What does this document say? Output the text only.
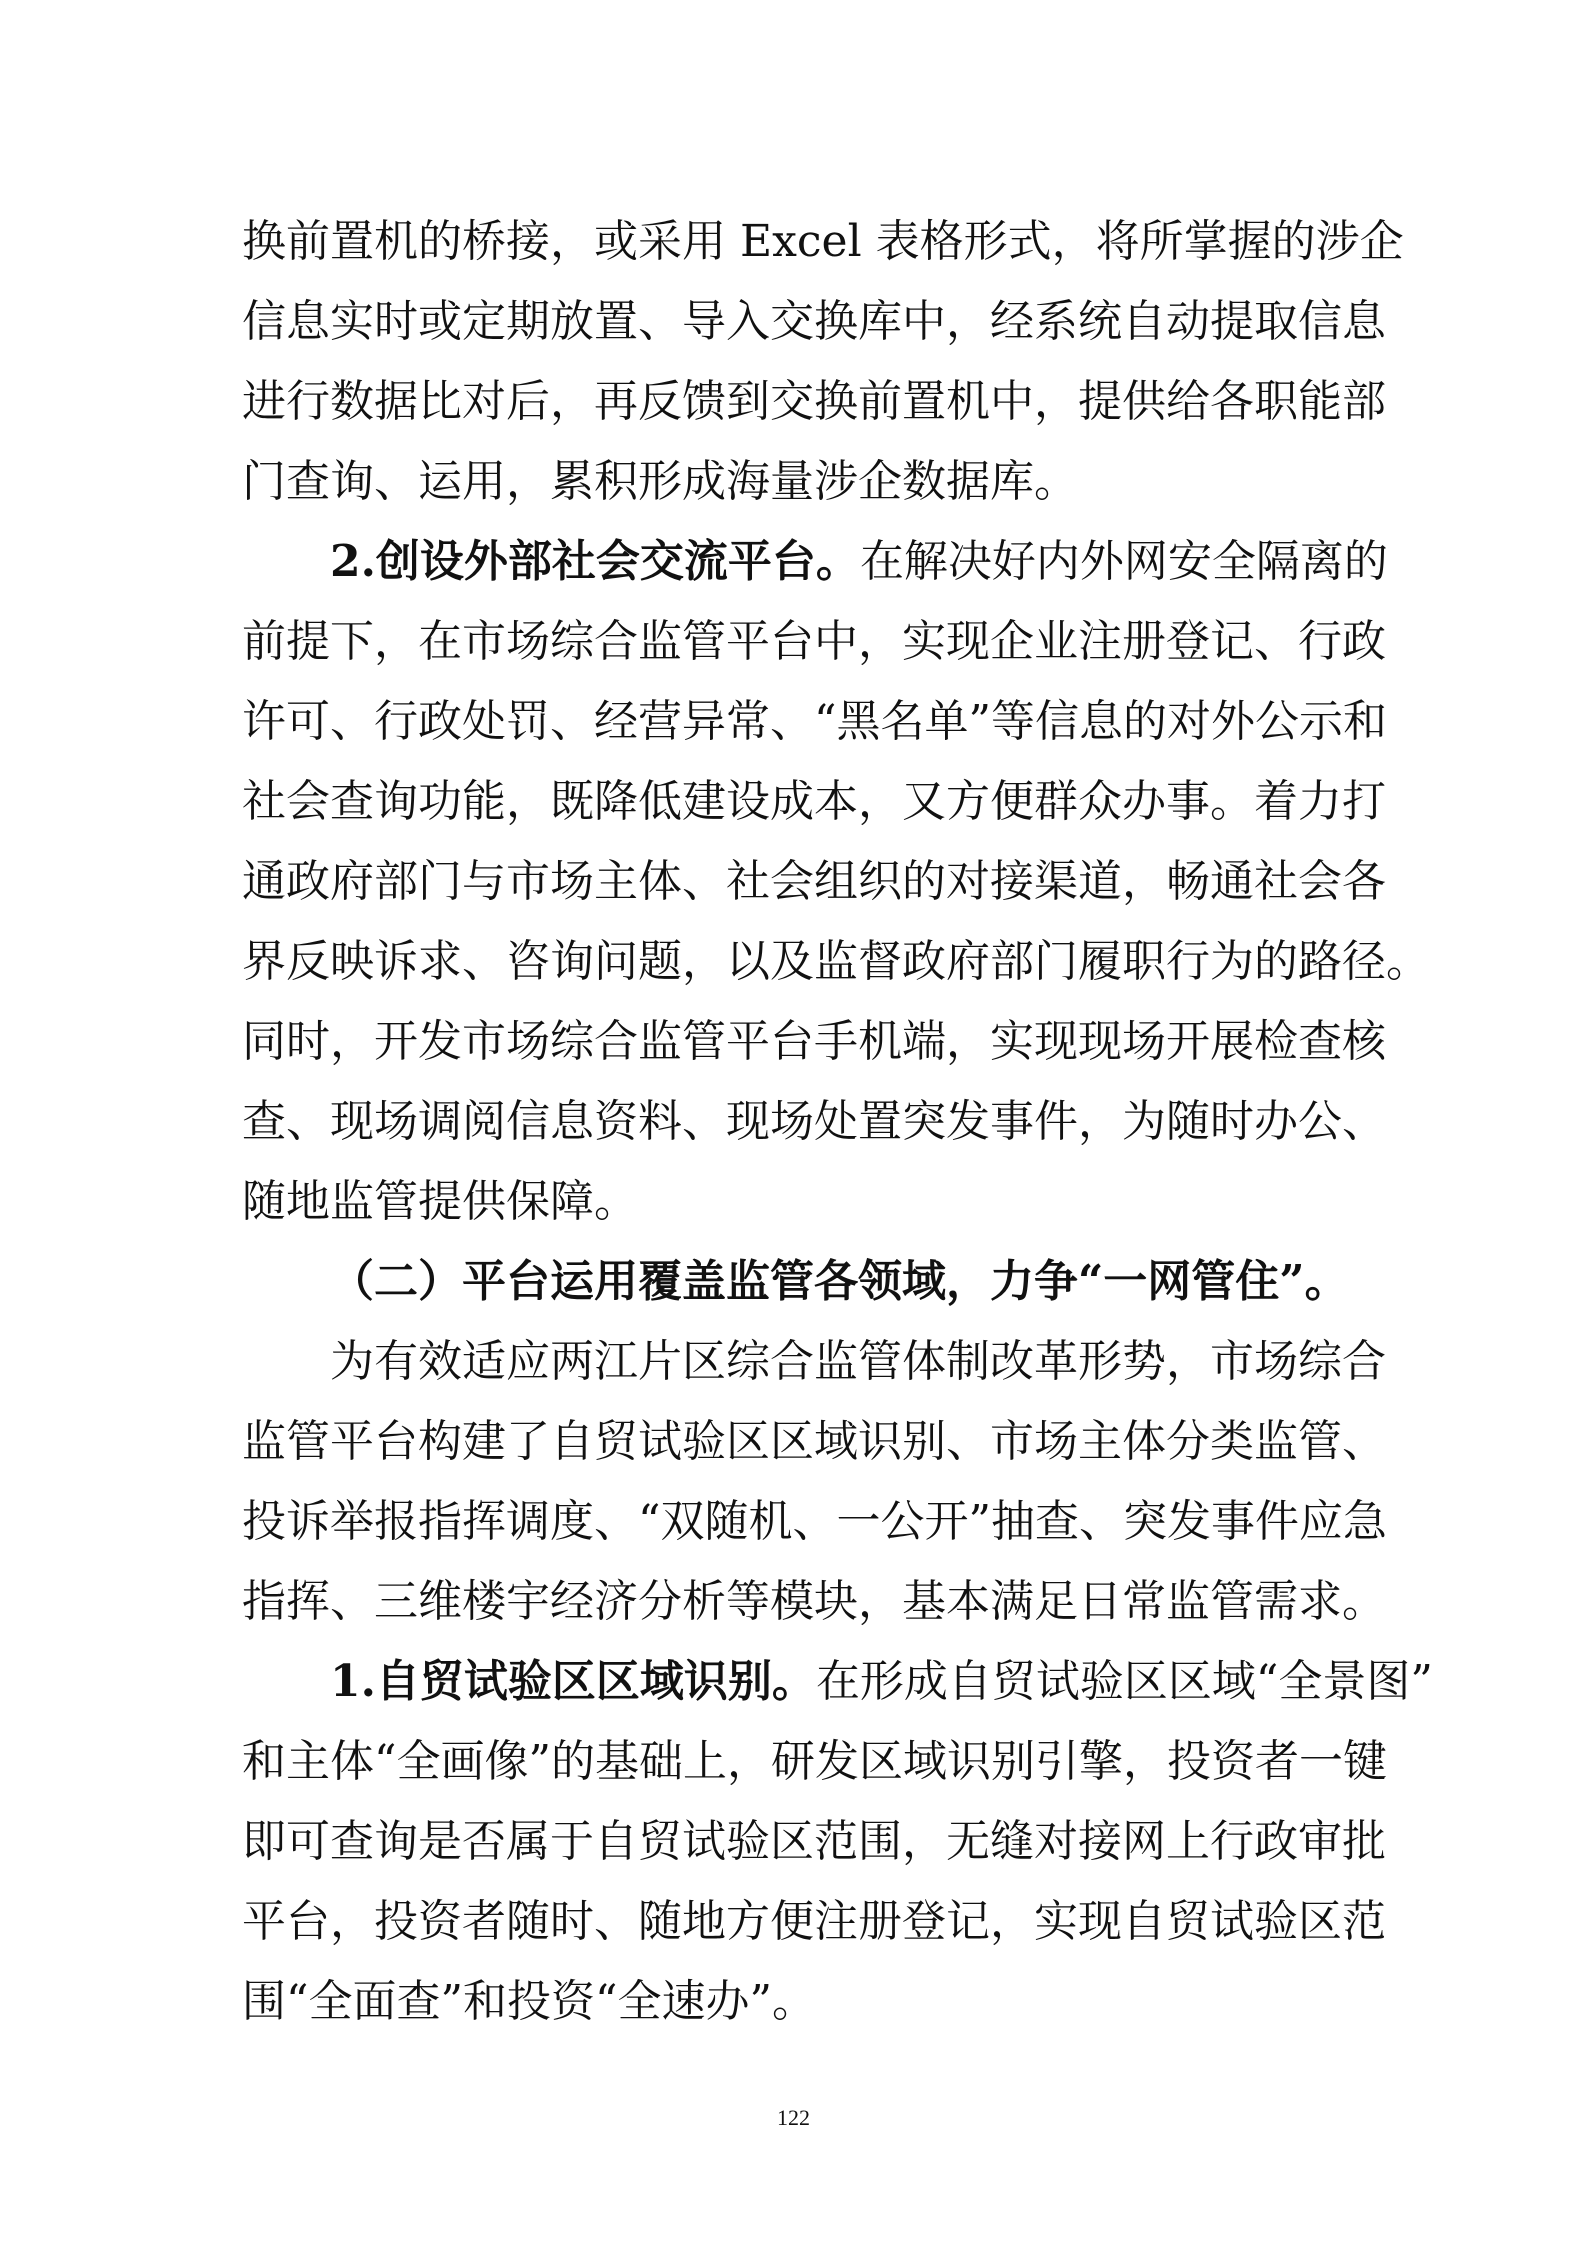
换前置机的桥接，或采用 Excel 表格形式，将所掌握的涉企
信息实时或定期放置、导入交换库中，经系统自动提取信息
进行数据比对后，再反馈到交换前置机中，提供给各职能部
门查询、运用，累积形成海量涉企数据库。
2.创设外部社会交流平台。在解决好内外网安全隔离的
前提下，在市场综合监管平台中，实现企业注册登记、行政
许可、行政处罚、经营异常、“黑名单”等信息的对外公示和
社会查询功能，既降低建设成本，又方便群众办事。着力打
通政府部门与市场主体、社会组织的对接渠道，畅通社会各
界反映诉求、咨询问题，以及监督政府部门履职行为的路径。
同时，开发市场综合监管平台手机端，实现现场开展检查核
查、现场调阅信息资料、现场处置突发事件，为随时办公、
随地监管提供保障。
（二）平台运用覆盖监管各领域，力争“一网管住”。
为有效适应两江片区综合监管体制改革形势，市场综合
监管平台构建了自贸试验区区域识别、市场主体分类监管、
投诉举报指挥调度、“双随机、一公开”抽查、突发事件应急
指挥、三维楼宇经济分析等模块，基本满足日常监管需求。
1.自贸试验区区域识别。在形成自贸试验区区域“全景图”
和主体“全画像”的基础上，研发区域识别引擎，投资者一键
即可查询是否属于自贸试验区范围，无缝对接网上行政审批
平台，投资者随时、随地方便注册登记，实现自贸试验区范
围“全面查”和投资“全速办”。
122
